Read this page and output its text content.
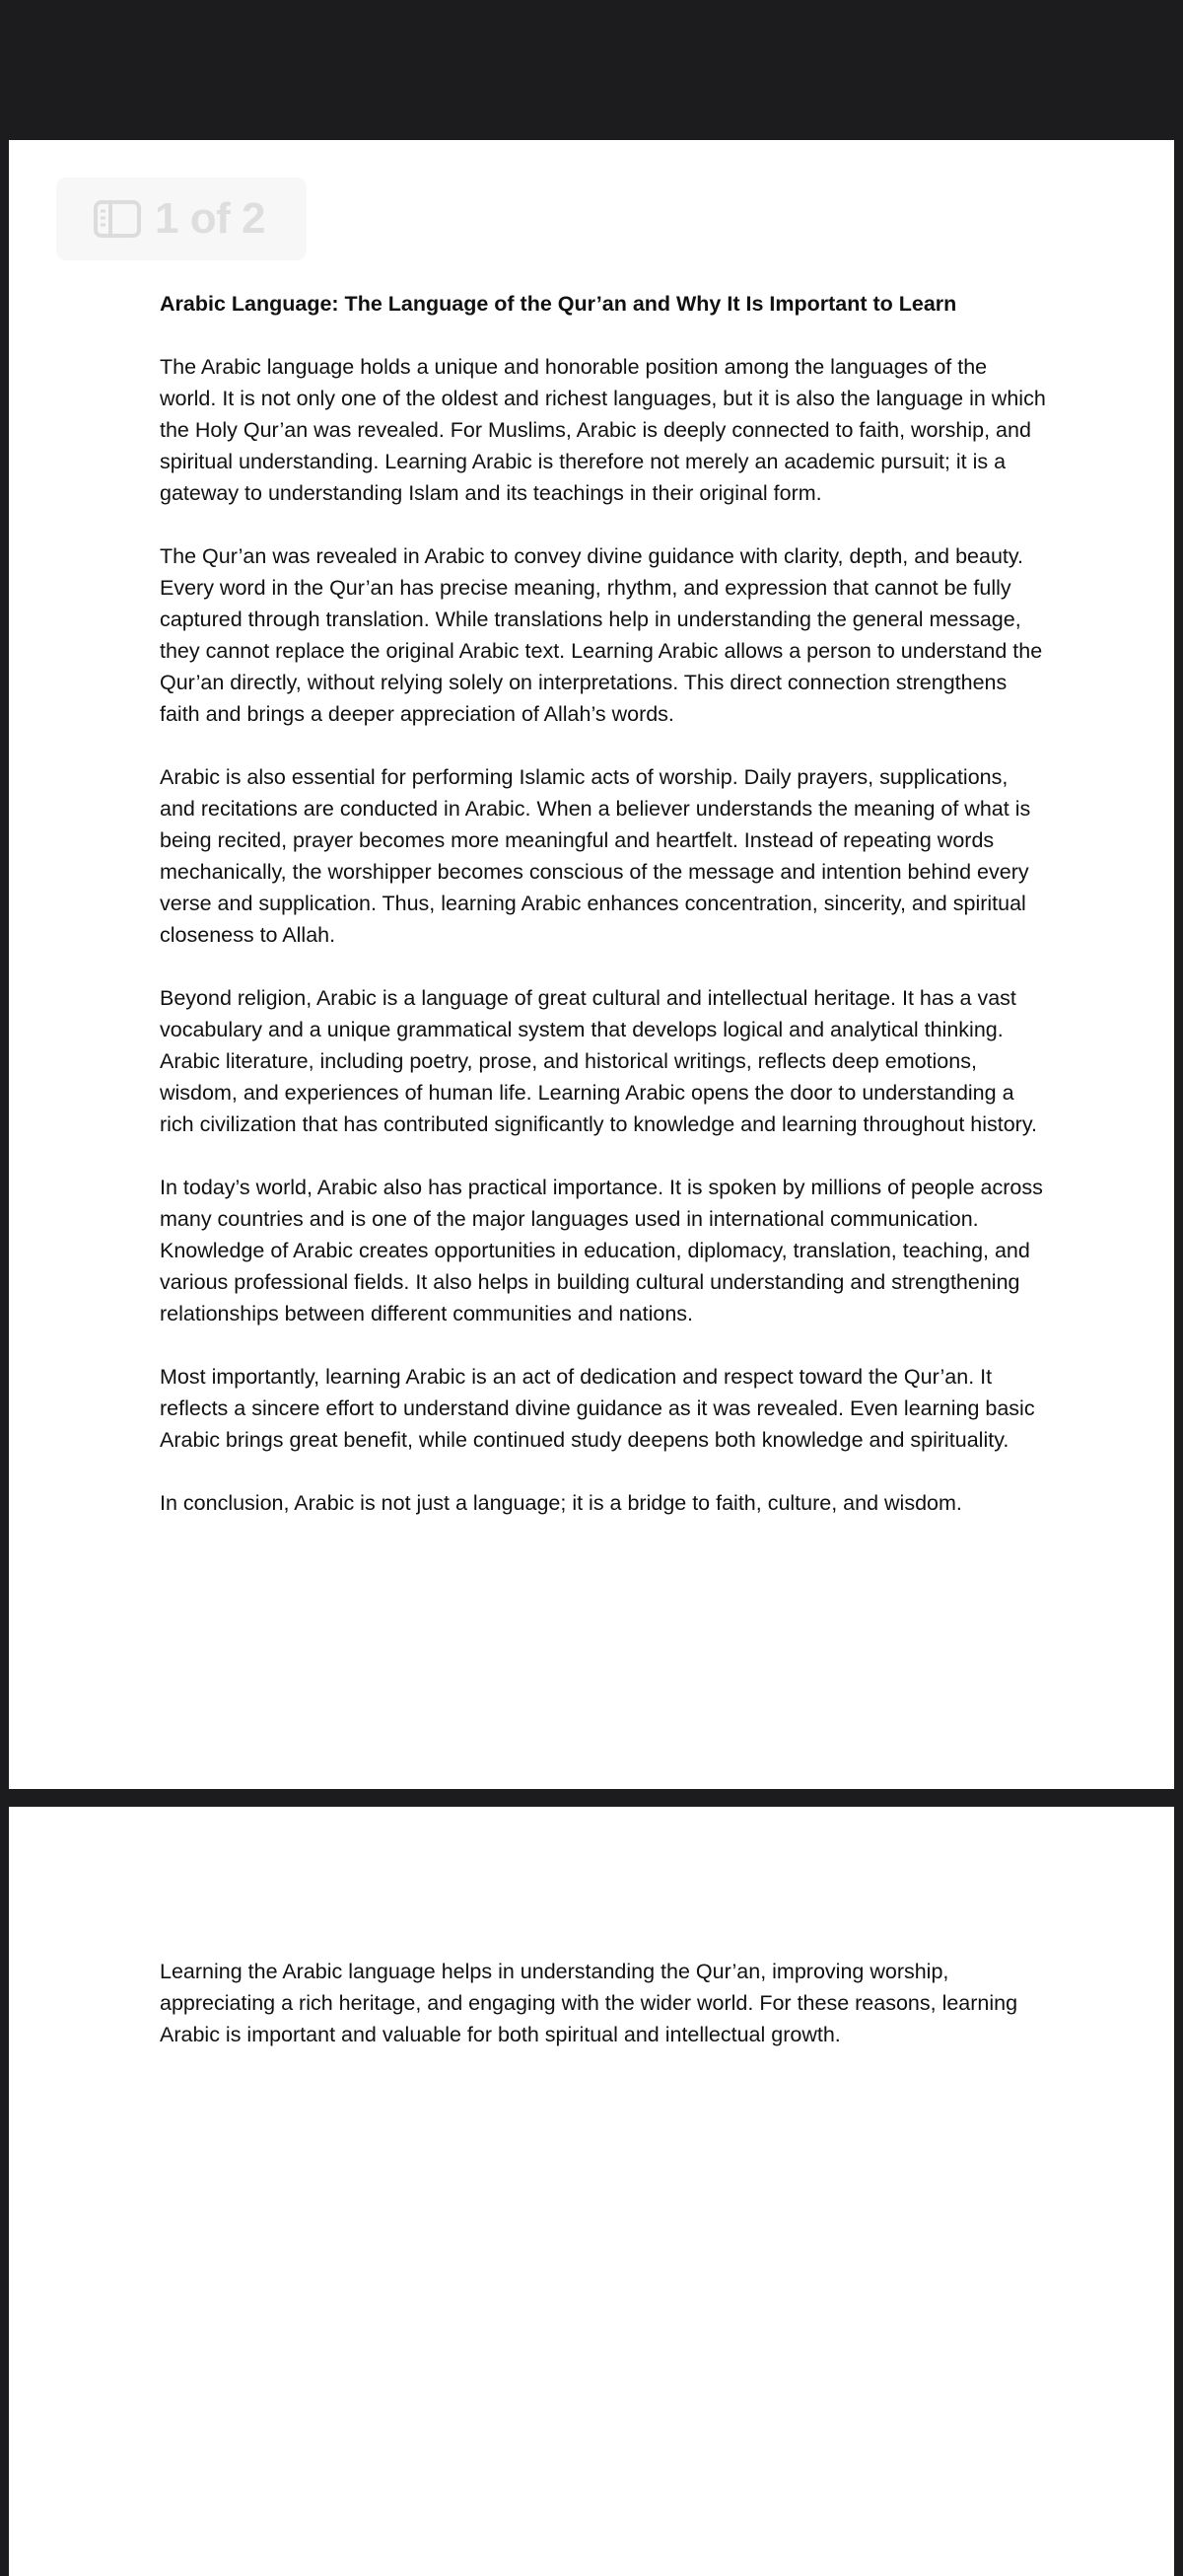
1 of 2
Arabic Language: The Language of the Qur’an and Why It Is Important to Learn

The Arabic language holds a unique and honorable position among the languages of the world. It is not only one of the oldest and richest languages, but it is also the language in which the Holy Qur’an was revealed. For Muslims, Arabic is deeply connected to faith, worship, and spiritual understanding. Learning Arabic is therefore not merely an academic pursuit; it is a gateway to understanding Islam and its teachings in their original form.

The Qur’an was revealed in Arabic to convey divine guidance with clarity, depth, and beauty. Every word in the Qur’an has precise meaning, rhythm, and expression that cannot be fully captured through translation. While translations help in understanding the general message, they cannot replace the original Arabic text. Learning Arabic allows a person to understand the Qur’an directly, without relying solely on interpretations. This direct connection strengthens faith and brings a deeper appreciation of Allah’s words.

Arabic is also essential for performing Islamic acts of worship. Daily prayers, supplications, and recitations are conducted in Arabic. When a believer understands the meaning of what is being recited, prayer becomes more meaningful and heartfelt. Instead of repeating words mechanically, the worshipper becomes conscious of the message and intention behind every verse and supplication. Thus, learning Arabic enhances concentration, sincerity, and spiritual closeness to Allah.

Beyond religion, Arabic is a language of great cultural and intellectual heritage. It has a vast vocabulary and a unique grammatical system that develops logical and analytical thinking. Arabic literature, including poetry, prose, and historical writings, reflects deep emotions, wisdom, and experiences of human life. Learning Arabic opens the door to understanding a rich civilization that has contributed significantly to knowledge and learning throughout history.

In today’s world, Arabic also has practical importance. It is spoken by millions of people across many countries and is one of the major languages used in international communication. Knowledge of Arabic creates opportunities in education, diplomacy, translation, teaching, and various professional fields. It also helps in building cultural understanding and strengthening relationships between different communities and nations.

Most importantly, learning Arabic is an act of dedication and respect toward the Qur’an. It reflects a sincere effort to understand divine guidance as it was revealed. Even learning basic Arabic brings great benefit, while continued study deepens both knowledge and spirituality.

In conclusion, Arabic is not just a language; it is a bridge to faith, culture, and wisdom.

Learning the Arabic language helps in understanding the Qur’an, improving worship, appreciating a rich heritage, and engaging with the wider world. For these reasons, learning Arabic is important and valuable for both spiritual and intellectual growth.
